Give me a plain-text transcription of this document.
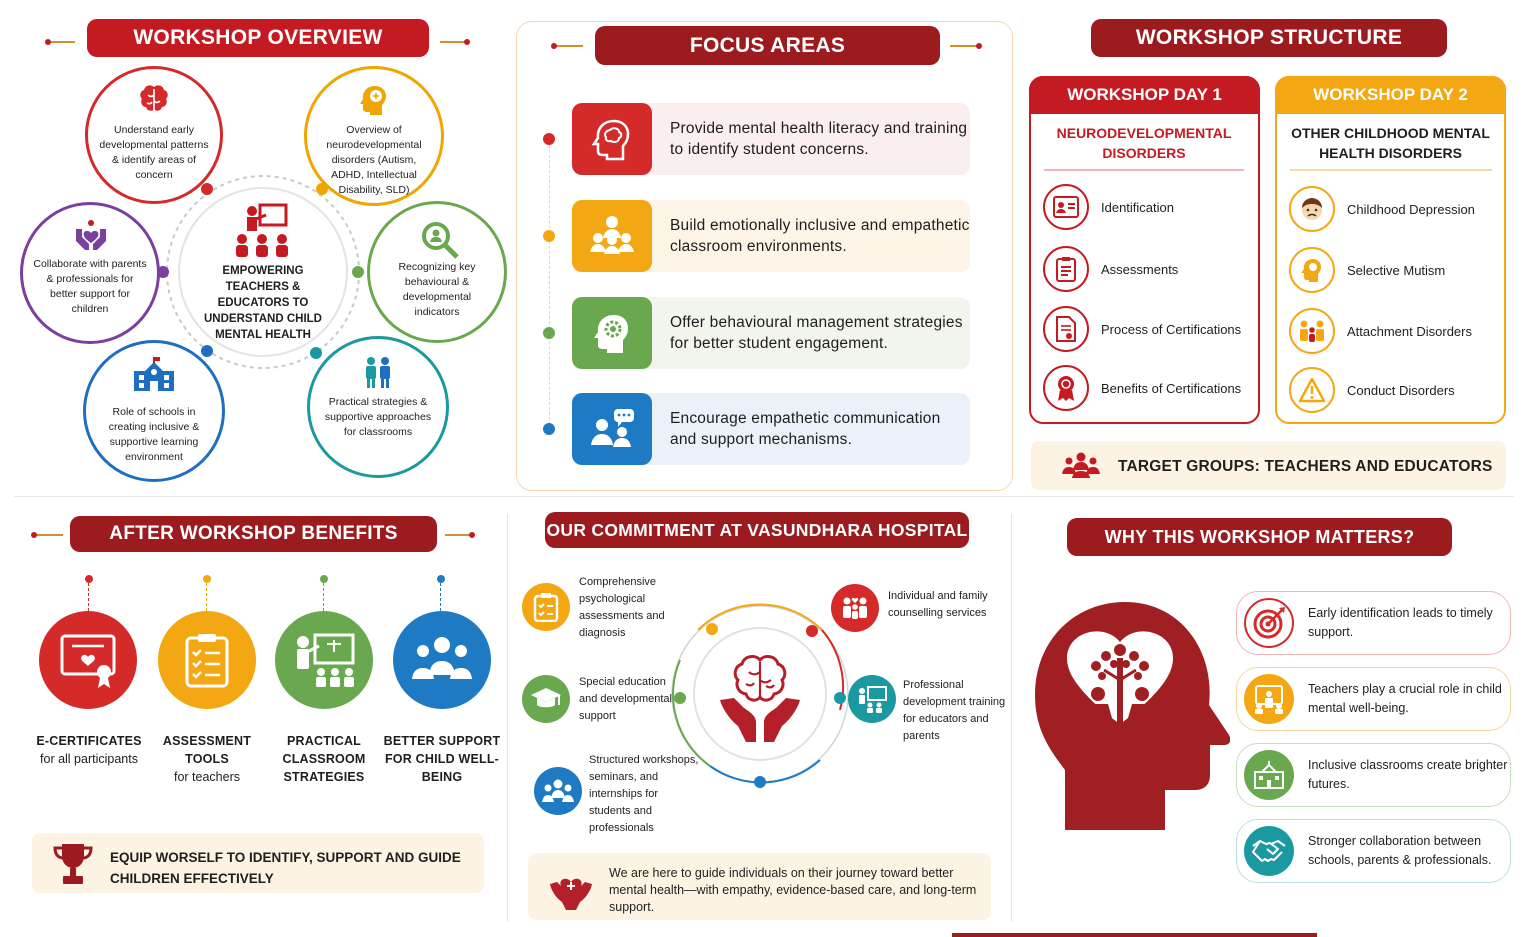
WORKSHOP OVERVIEW
EMPOWERING TEACHERS & EDUCATORS TO UNDERSTAND CHILD MENTAL HEALTH
Understand early developmental patterns & identify areas of concern
Overview of neurodevelopmental disorders (Autism, ADHD, Intellectual Disability, SLD)
Recognizing key behavioural & developmental indicators
Practical strategies & supportive approaches for classrooms
Role of schools in creating inclusive & supportive learning environment
Collaborate with parents & professionals for better support for children
FOCUS AREAS
Provide mental health literacy and training to identify student concerns.
Build emotionally inclusive and empathetic classroom environments.
Offer behavioural management strategies for better student engagement.
Encourage empathetic communication and support mechanisms.
WORKSHOP STRUCTURE
WORKSHOP DAY 1
NEURODEVELOPMENTAL DISORDERS
Identification
Assessments
Process of Certifications
Benefits of Certifications
WORKSHOP DAY 2
OTHER CHILDHOOD MENTAL HEALTH DISORDERS
Childhood Depression
Selective Mutism
Attachment Disorders
Conduct Disorders
TARGET GROUPS: TEACHERS AND EDUCATORS
AFTER WORKSHOP BENEFITS
E-CERTIFICATES
for all participants
ASSESSMENT TOOLS
for teachers
PRACTICAL CLASSROOM STRATEGIES
BETTER SUPPORT FOR CHILD WELL-BEING
EQUIP WORSELF TO IDENTIFY, SUPPORT AND GUIDE CHILDREN EFFECTIVELY
OUR COMMITMENT AT VASUNDHARA HOSPITAL
Comprehensive psychological assessments and diagnosis
Individual and family counselling services
Special education and developmental support
Professional development training for educators and parents
Structured workshops, seminars, and internships for students and professionals
We are here to guide individuals on their journey toward better mental health—with empathy, evidence-based care, and long-term support.
WHY THIS WORKSHOP MATTERS?
Early identification leads to timely support.
Teachers play a crucial role in child mental well-being.
Inclusive classrooms create brighter futures.
Stronger collaboration between schools, parents & professionals.
